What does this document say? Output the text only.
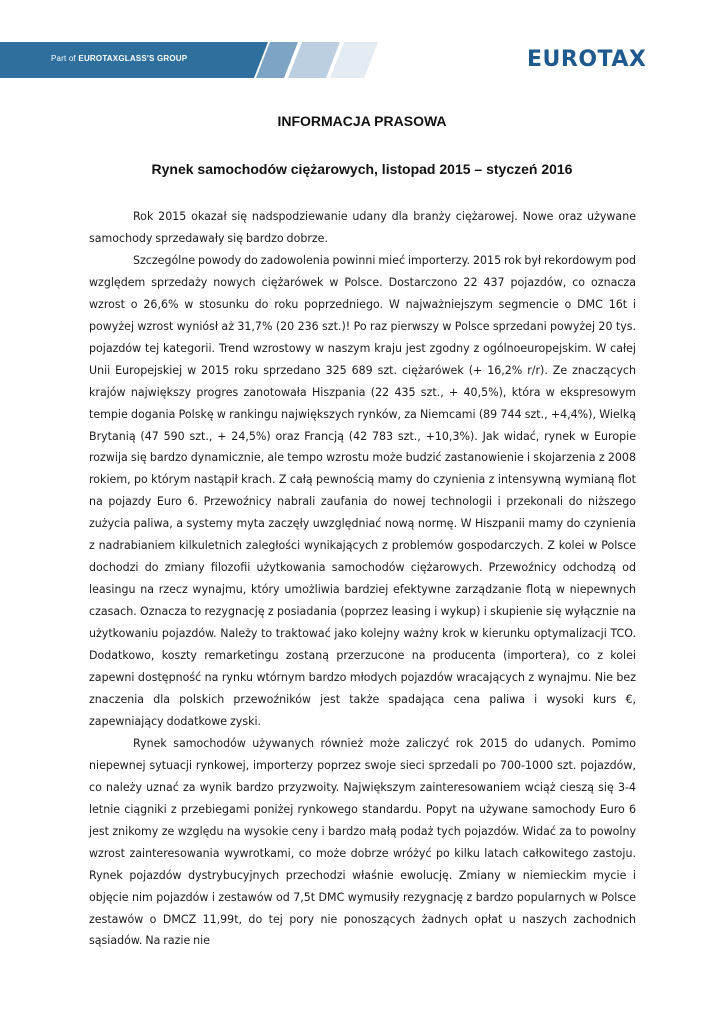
Part of EUROTAXGLASS'S GROUP	EUROTAX
INFORMACJA PRASOWA
Rynek samochodów ciężarowych, listopad 2015 – styczeń 2016

Rok 2015 okazał się nadspodziewanie udany dla branży ciężarowej. Nowe oraz używane samochody sprzedawały się bardzo dobrze.

Szczególne powody do zadowolenia powinni mieć importerzy. 2015 rok był rekordowym pod względem sprzedaży nowych ciężarówek w Polsce. Dostarczono 22 437 pojazdów, co oznacza wzrost o 26,6% w stosunku do roku poprzedniego. W najważniejszym segmencie o DMC 16t i powyżej wzrost wyniósł aż 31,7% (20 236 szt.)! Po raz pierwszy w Polsce sprzedani powyżej 20 tys. pojazdów tej kategorii. Trend wzrostowy w naszym kraju jest zgodny z ogólnoeuropejskim. W całej Unii Europejskiej w 2015 roku sprzedano 325 689 szt. ciężarówek (+ 16,2% r/r). Ze znaczących krajów największy progres zanotowała Hiszpania (22 435 szt., + 40,5%), która w ekspresowym tempie dogania Polskę w rankingu największych rynków, za Niemcami (89 744 szt., +4,4%), Wielką Brytanią (47 590 szt., + 24,5%) oraz Francją (42 783 szt., +10,3%). Jak widać, rynek w Europie rozwija się bardzo dynamicznie, ale tempo wzrostu może budzić zastanowienie i skojarzenia z 2008 rokiem, po którym nastąpił krach. Z całą pewnością mamy do czynienia z intensywną wymianą flot na pojazdy Euro 6. Przewoźnicy nabrali zaufania do nowej technologii i przekonali do niższego zużycia paliwa, a systemy myta zaczęły uwzględniać nową normę. W Hiszpanii mamy do czynienia z nadrabianiem kilkuletnich zaległości wynikających z problemów gospodarczych. Z kolei w Polsce dochodzi do zmiany filozofii użytkowania samochodów ciężarowych. Przewoźnicy odchodzą od leasingu na rzecz wynajmu, który umożliwia bardziej efektywne zarządzanie flotą w niepewnych czasach. Oznacza to rezygnację z posiadania (poprzez leasing i wykup) i skupienie się wyłącznie na użytkowaniu pojazdów. Należy to traktować jako kolejny ważny krok w kierunku optymalizacji TCO. Dodatkowo, koszty remarketingu zostaną przerzucone na producenta (importera), co z kolei zapewni dostępność na rynku wtórnym bardzo młodych pojazdów wracających z wynajmu. Nie bez znaczenia dla polskich przewoźników jest także spadająca cena paliwa i wysoki kurs €, zapewniający dodatkowe zyski.

Rynek samochodów używanych również może zaliczyć rok 2015 do udanych. Pomimo niepewnej sytuacji rynkowej, importerzy poprzez swoje sieci sprzedali po 700-1000 szt. pojazdów, co należy uznać za wynik bardzo przyzwoity. Największym zainteresowaniem wciąż cieszą się 3-4 letnie ciągniki z przebiegami poniżej rynkowego standardu. Popyt na używane samochody Euro 6 jest znikomy ze względu na wysokie ceny i bardzo małą podaż tych pojazdów. Widać za to powolny wzrost zainteresowania wywrotkami, co może dobrze wróżyć po kilku latach całkowitego zastoju. Rynek pojazdów dystrybucyjnych przechodzi właśnie ewolucję. Zmiany w niemieckim mycie i objęcie nim pojazdów i zestawów od 7,5t DMC wymusiły rezygnację z bardzo popularnych w Polsce zestawów o DMCZ 11,99t, do tej pory nie ponoszących żadnych opłat u naszych zachodnich sąsiadów. Na razie nie
